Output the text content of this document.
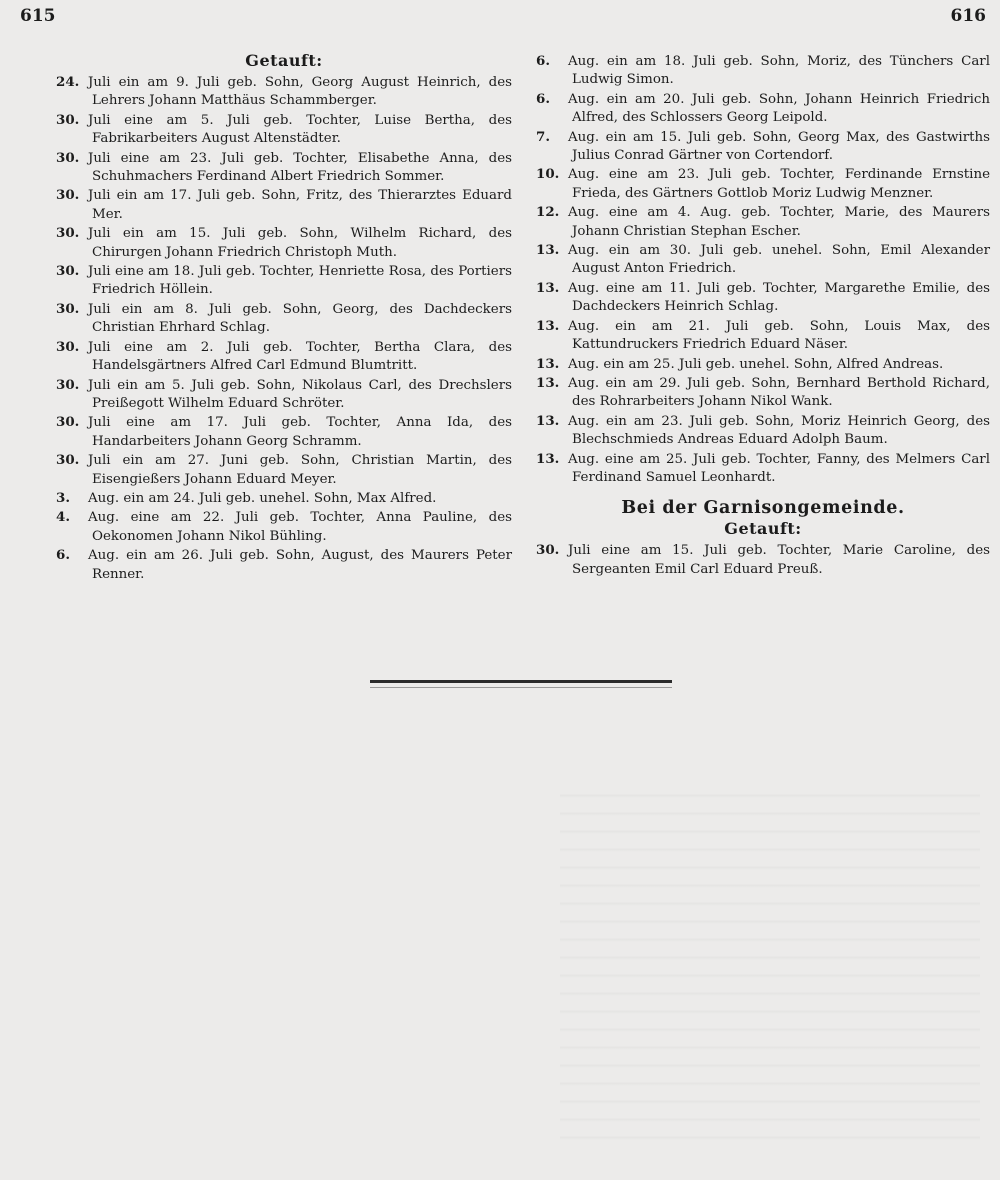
615	616
Getauft:

24. Juli ein am 9. Juli geb. Sohn, Georg August Heinrich, des Lehrers Johann Matthäus Schammberger.

30. Juli eine am 5. Juli geb. Tochter, Luise Bertha, des Fabrikarbeiters August Altenstädter.

30. Juli eine am 23. Juli geb. Tochter, Elisabethe Anna, des Schuhmachers Ferdinand Albert Friedrich Sommer.

30. Juli ein am 17. Juli geb. Sohn, Fritz, des Thierarztes Eduard Mer.

30. Juli ein am 15. Juli geb. Sohn, Wilhelm Richard, des Chirurgen Johann Friedrich Christoph Muth.

30. Juli eine am 18. Juli geb. Tochter, Henriette Rosa, des Portiers Friedrich Höllein.

30. Juli ein am 8. Juli geb. Sohn, Georg, des Dachdeckers Christian Ehrhard Schlag.

30. Juli eine am 2. Juli geb. Tochter, Bertha Clara, des Handelsgärtners Alfred Carl Edmund Blumtritt.

30. Juli ein am 5. Juli geb. Sohn, Nikolaus Carl, des Drechslers Preißegott Wilhelm Eduard Schröter.

30. Juli eine am 17. Juli geb. Tochter, Anna Ida, des Handarbeiters Johann Georg Schramm.

30. Juli ein am 27. Juni geb. Sohn, Christian Martin, des Eisengießers Johann Eduard Meyer.

3. Aug. ein am 24. Juli geb. unehel. Sohn, Max Alfred.

4. Aug. eine am 22. Juli geb. Tochter, Anna Pauline, des Oekonomen Johann Nikol Bühling.

6. Aug. ein am 26. Juli geb. Sohn, August, des Maurers Peter Renner.

6. Aug. ein am 18. Juli geb. Sohn, Moriz, des Tünchers Carl Ludwig Simon.

6. Aug. ein am 20. Juli geb. Sohn, Johann Heinrich Friedrich Alfred, des Schlossers Georg Leipold.

7. Aug. ein am 15. Juli geb. Sohn, Georg Max, des Gastwirths Julius Conrad Gärtner von Cortendorf.

10. Aug. eine am 23. Juli geb. Tochter, Ferdinande Ernstine Frieda, des Gärtners Gottlob Moriz Ludwig Menzner.

12. Aug. eine am 4. Aug. geb. Tochter, Marie, des Maurers Johann Christian Stephan Escher.

13. Aug. ein am 30. Juli geb. unehel. Sohn, Emil Alexander August Anton Friedrich.

13. Aug. eine am 11. Juli geb. Tochter, Margarethe Emilie, des Dachdeckers Heinrich Schlag.

13. Aug. ein am 21. Juli geb. Sohn, Louis Max, des Kattundruckers Friedrich Eduard Näser.

13. Aug. ein am 25. Juli geb. unehel. Sohn, Alfred Andreas.

13. Aug. ein am 29. Juli geb. Sohn, Bernhard Berthold Richard, des Rohrarbeiters Johann Nikol Wank.

13. Aug. ein am 23. Juli geb. Sohn, Moriz Heinrich Georg, des Blechschmieds Andreas Eduard Adolph Baum.

13. Aug. eine am 25. Juli geb. Tochter, Fanny, des Melmers Carl Ferdinand Samuel Leonhardt.

Bei der Garnisongemeinde.
Getauft:

30. Juli eine am 15. Juli geb. Tochter, Marie Caroline, des Sergeanten Emil Carl Eduard Preuß.
